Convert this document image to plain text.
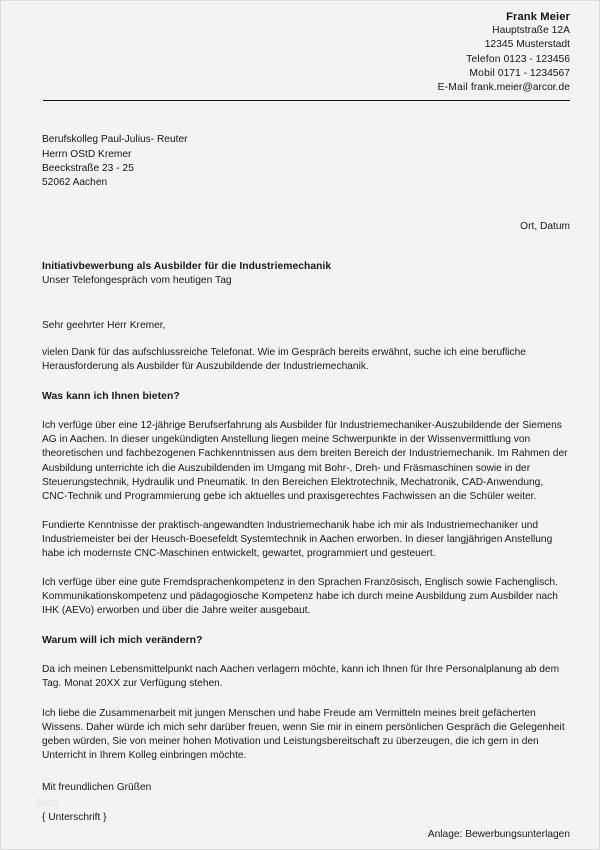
Frank Meier
Hauptstraße 12A
12345 Musterstadt
Telefon 0123 - 123456
Mobil 0171 - 1234567
E-Mail frank.meier@arcor.de
Berufskolleg Paul-Julius- Reuter
Herrn OStD Kremer
Beeckstraße 23 - 25
52062 Aachen
Ort, Datum
Initiativbewerbung als Ausbilder für die Industriemechanik
Unser Telefongespräch vom heutigen Tag
Sehr geehrter Herr Kremer,

vielen Dank für das aufschlussreiche Telefonat. Wie im Gespräch bereits erwähnt, suche ich eine berufliche Herausforderung als Ausbilder für Auszubildende der Industriemechanik.

Was kann ich Ihnen bieten?

Ich verfüge über eine 12-jährige Berufserfahrung als Ausbilder für Industriemechaniker-Auszubildende der Siemens AG in Aachen. In dieser ungekündigten Anstellung liegen meine Schwerpunkte in der Wissenvermittlung von theoretischen und fachbezogenen Fachkenntnissen aus dem breiten Bereich der Industriemechanik. Im Rahmen der Ausbildung unterrichte ich die Auszubildenden im Umgang mit Bohr-, Dreh- und Fräsmaschinen sowie in der Steuerungstechnik, Hydraulik und Pneumatik. In den Bereichen Elektrotechnik, Mechatronik, CAD-Anwendung, CNC-Technik und Programmierung gebe ich aktuelles und praxisgerechtes Fachwissen an die Schüler weiter.

Fundierte Kenntnisse der praktisch-angewandten Industriemechanik habe ich mir als Industriemechaniker und Industriemeister bei der Heusch-Boesefeldt Systemtechnik in Aachen erworben. In dieser langjährigen Anstellung habe ich modernste CNC-Maschinen entwickelt, gewartet, programmiert und gesteuert.

Ich verfüge über eine gute Fremdsprachenkompetenz in den Sprachen Französisch, Englisch sowie Fachenglisch. Kommunikationskompetenz und pädagogiosche Kompetenz habe ich durch meine Ausbildung zum Ausbilder nach IHK (AEVo) erworben und über die Jahre weiter ausgebaut.

Warum will ich mich verändern?

Da ich meinen Lebensmittelpunkt nach Aachen verlagern möchte, kann ich Ihnen für Ihre Personalplanung ab dem Tag. Monat 20XX zur Verfügung stehen.

Ich liebe die Zusammenarbeit mit jungen Menschen und habe Freude am Vermitteln meines breit gefächerten Wissens. Daher würde ich mich sehr darüber freuen, wenn Sie mir in einem persönlichen Gespräch die Gelegenheit geben würden, Sie von meiner hohen Motivation und Leistungsbereitschaft zu überzeugen, die ich gern in den Unterricht in Ihrem Kolleg einbringen möchte.

Mit freundlichen Grüßen
{ Unterschrift }
Anlage: Bewerbungsunterlagen
blog
